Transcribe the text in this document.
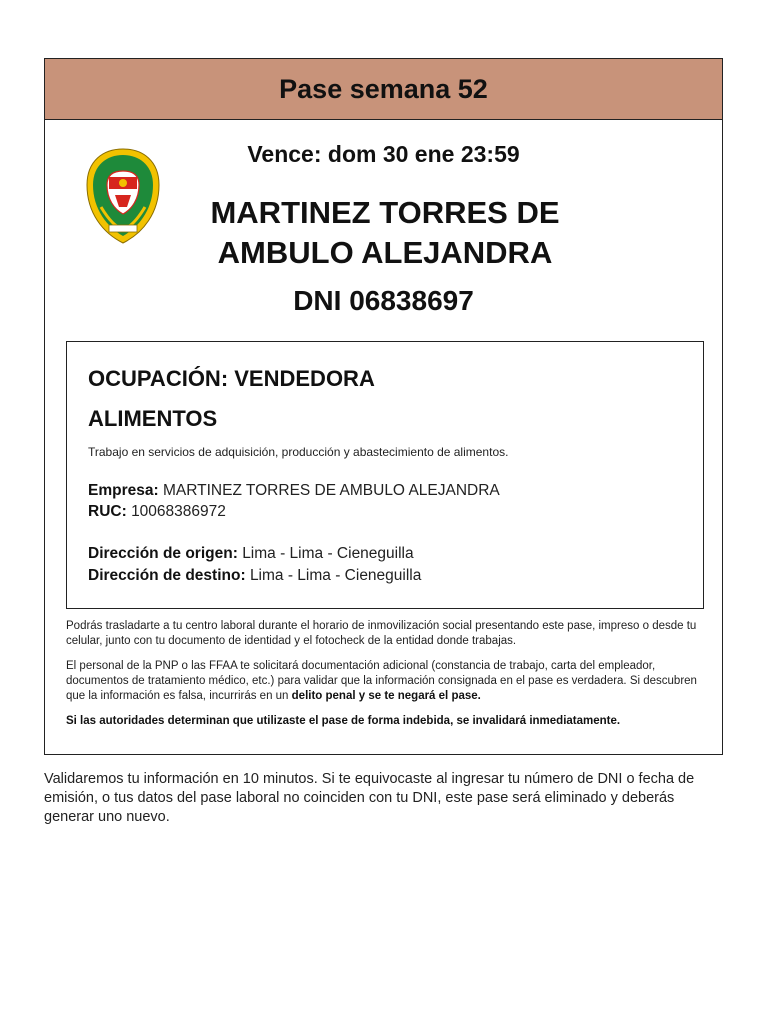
Pase semana 52
Vence: dom 30 ene 23:59
MARTINEZ TORRES DE
AMBULO ALEJANDRA
DNI 06838697
OCUPACIÓN: VENDEDORA
ALIMENTOS
Trabajo en servicios de adquisición, producción y abastecimiento de alimentos.
Empresa: MARTINEZ TORRES DE AMBULO ALEJANDRA
RUC: 10068386972
Dirección de origen: Lima - Lima - Cieneguilla
Dirección de destino: Lima - Lima - Cieneguilla

Podrás trasladarte a tu centro laboral durante el horario de inmovilización social presentando este pase, impreso o desde tu celular, junto con tu documento de identidad y el fotocheck de la entidad donde trabajas.

El personal de la PNP o las FFAA te solicitará documentación adicional (constancia de trabajo, carta del empleador, documentos de tratamiento médico, etc.) para validar que la información consignada en el pase es verdadera. Si descubren que la información es falsa, incurrirás en un delito penal y se te negará el pase.

Si las autoridades determinan que utilizaste el pase de forma indebida, se invalidará inmediatamente.

Validaremos tu información en 10 minutos. Si te equivocaste al ingresar tu número de DNI o fecha de emisión, o tus datos del pase laboral no coinciden con tu DNI, este pase será eliminado y deberás generar uno nuevo.
